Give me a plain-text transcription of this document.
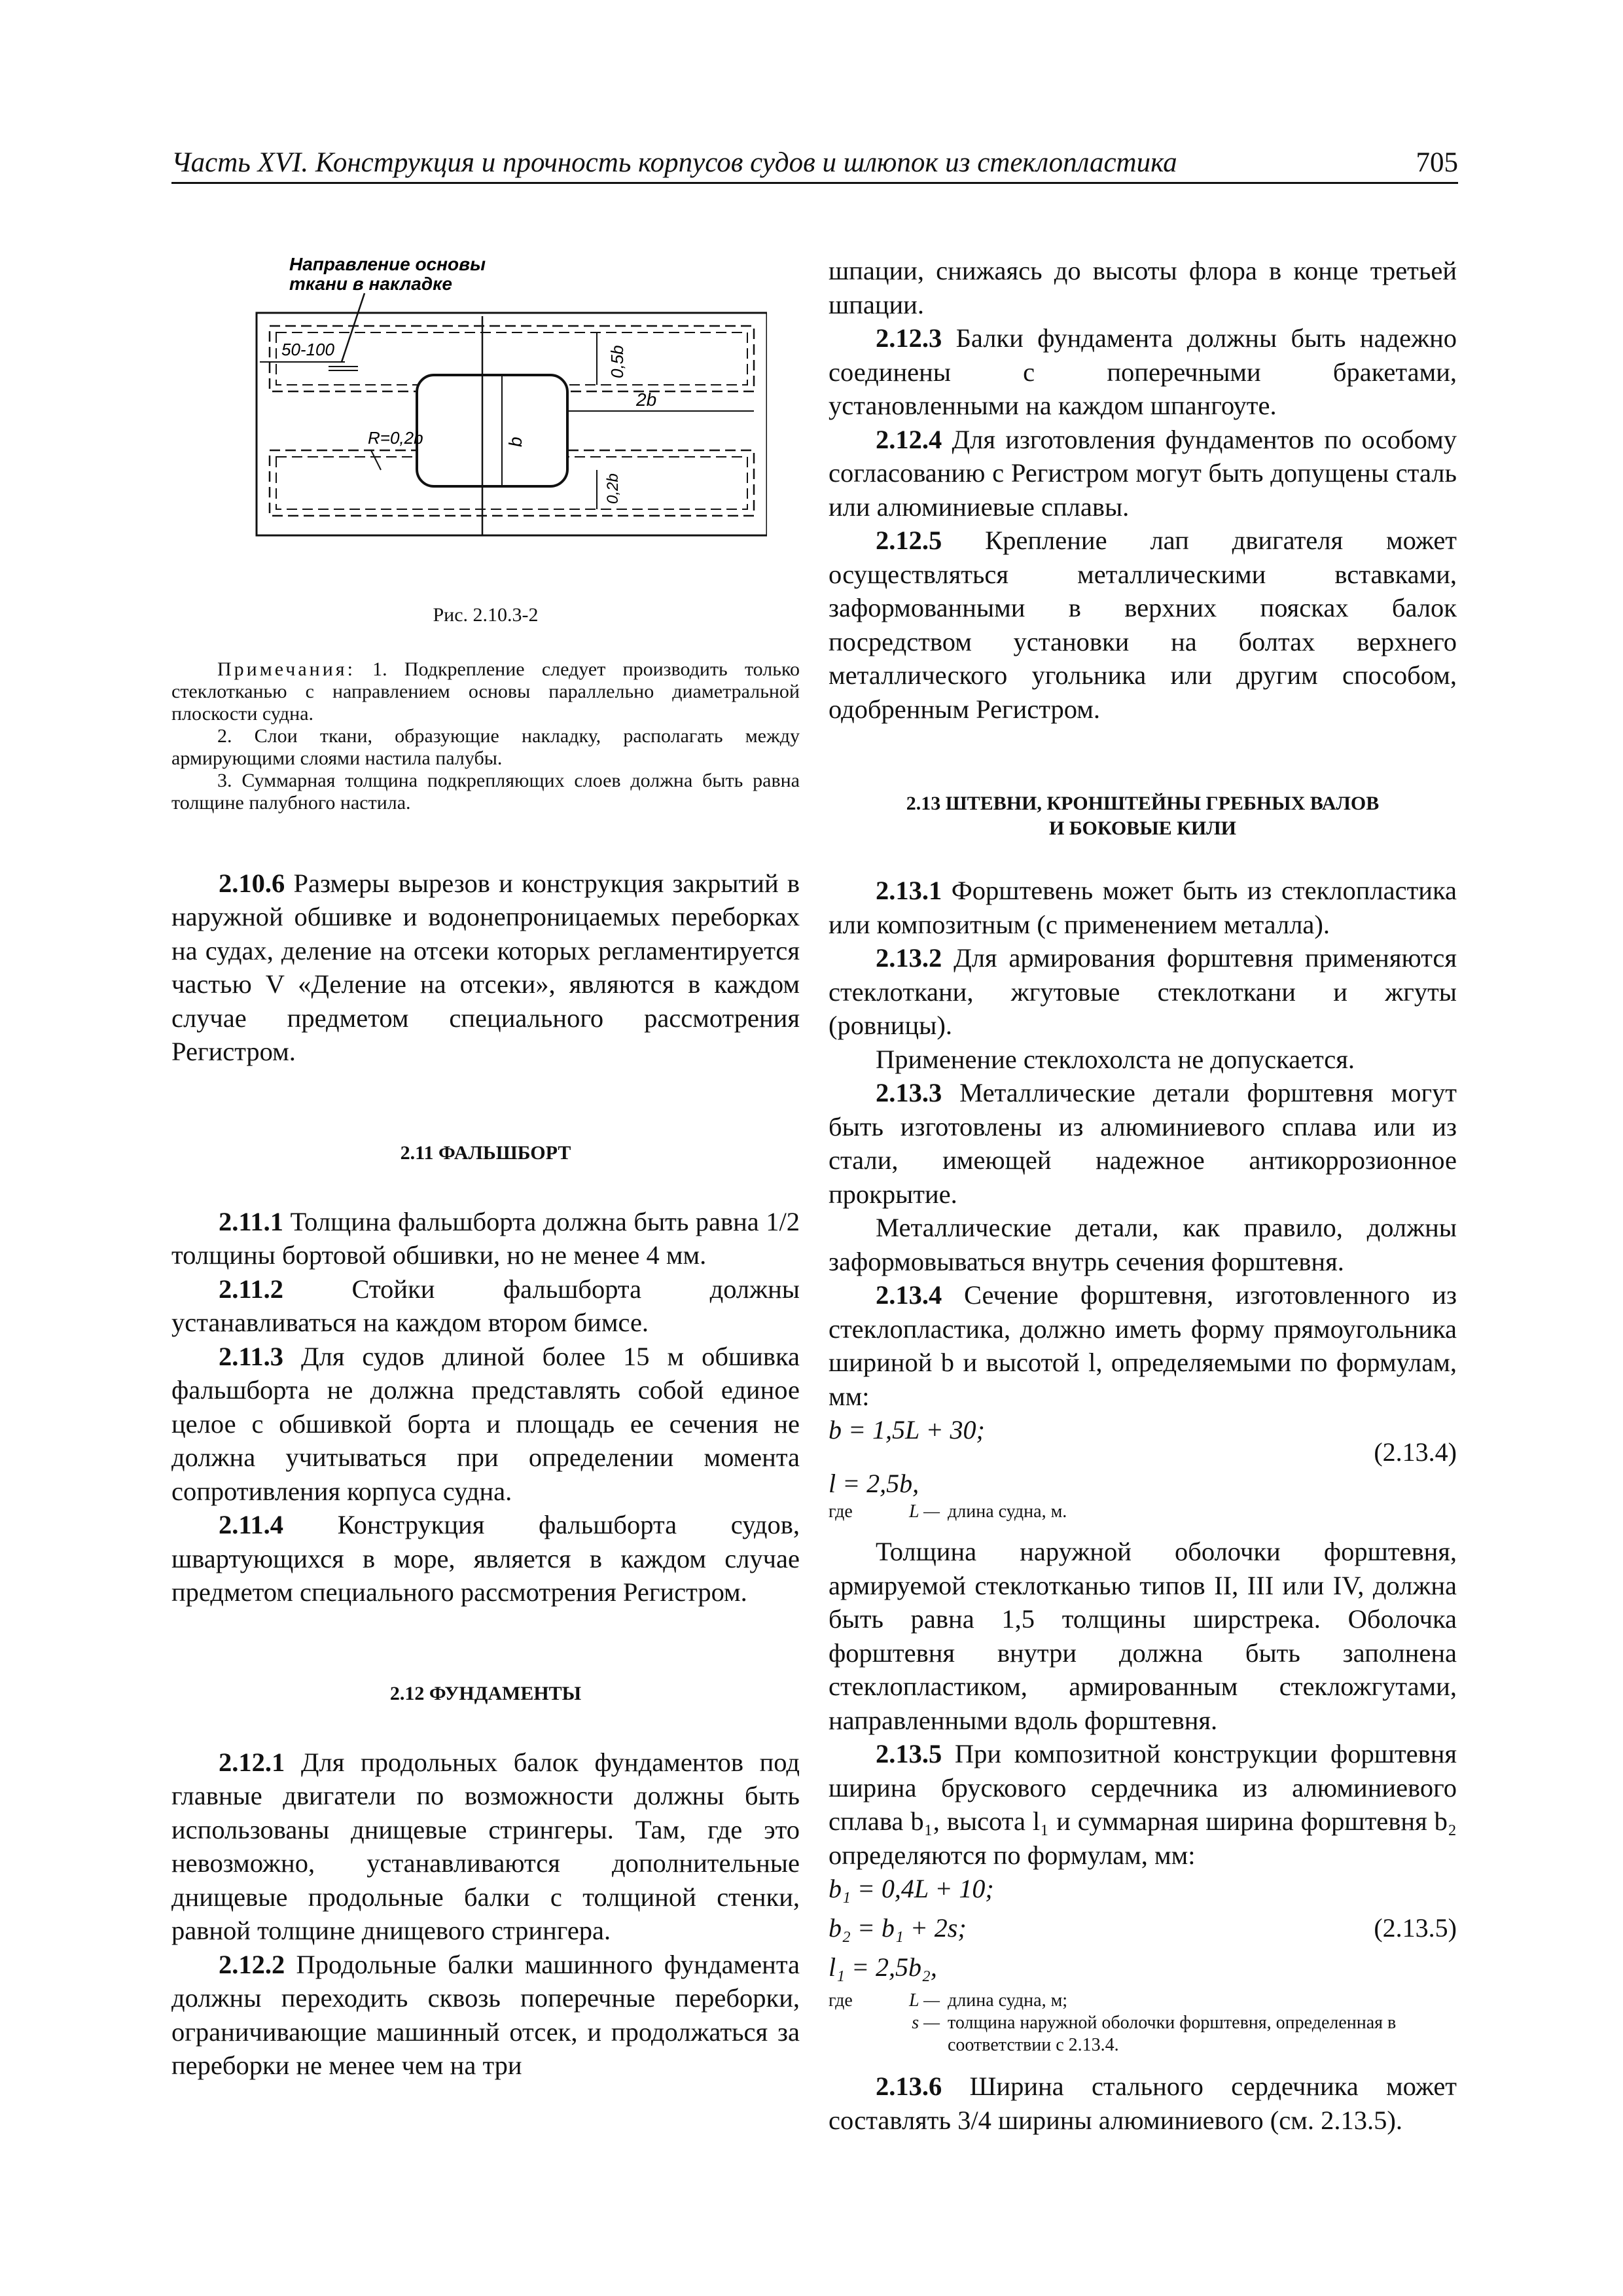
Часть XVI. Конструкция и прочность корпусов судов и шлюпок из стеклопластика	705
Направление основы
ткани в накладке
50-100
b
0,5b
2b
R=0,2b
0,2b
Рис. 2.10.3-2

Примечания: 1. Подкрепление следует производить только стеклотканью с направлением основы параллельно диаметральной плоскости судна.

2. Слои ткани, образующие накладку, располагать между армирующими слоями настила палубы.

3. Суммарная толщина подкрепляющих слоев должна быть равна толщине палубного настила.

2.10.6 Размеры вырезов и конструкция закрытий в наружной обшивке и водонепроницаемых переборках на судах, деление на отсеки которых регламентируется частью V «Деление на отсеки», являются в каждом случае предметом специального рассмотрения Регистром.

2.11 ФАЛЬШБОРТ

2.11.1 Толщина фальшборта должна быть равна 1/2 толщины бортовой обшивки, но не менее 4 мм.

2.11.2 Стойки фальшборта должны устанавливаться на каждом втором бимсе.

2.11.3 Для судов длиной более 15 м обшивка фальшборта не должна представлять собой единое целое с обшивкой борта и площадь ее сечения не должна учитываться при определении момента сопротивления корпуса судна.

2.11.4 Конструкция фальшборта судов, швартующихся в море, является в каждом случае предметом специального рассмотрения Регистром.

2.12 ФУНДАМЕНТЫ

2.12.1 Для продольных балок фундаментов под главные двигатели по возможности должны быть использованы днищевые стрингеры. Там, где это невозможно, устанавливаются дополнительные днищевые продольные балки с толщиной стенки, равной толщине днищевого стрингера.

2.12.2 Продольные балки машинного фундамента должны переходить сквозь поперечные переборки, ограничивающие машинный отсек, и продолжаться за переборки не менее чем на три

шпации, снижаясь до высоты флора в конце третьей шпации.

2.12.3 Балки фундамента должны быть надежно соединены с поперечными бракетами, установленными на каждом шпангоуте.

2.12.4 Для изготовления фундаментов по особому согласованию с Регистром могут быть допущены сталь или алюминиевые сплавы.

2.12.5 Крепление лап двигателя может осуществляться металлическими вставками, заформованными в верхних поясках балок посредством установки на болтах верхнего металлического угольника или другим способом, одобренным Регистром.

2.13 ШТЕВНИ, КРОНШТЕЙНЫ ГРЕБНЫХ ВАЛОВ
И БОКОВЫЕ КИЛИ

2.13.1 Форштевень может быть из стеклопластика или композитным (с применением металла).

2.13.2 Для армирования форштевня применяются стеклоткани, жгутовые стеклоткани и жгуты (ровницы).

Применение стеклохолста не допускается.

2.13.3 Металлические детали форштевня могут быть изготовлены из алюминиевого сплава или из стали, имеющей надежное антикоррозионное прокрытие.

Металлические детали, как правило, должны заформовываться внутрь сечения форштевня.

2.13.4 Сечение форштевня, изготовленного из стеклопластика, должно иметь форму прямоугольника шириной b и высотой l, определяемыми по формулам, мм:

b = 1,5L + 30;
(2.13.4)
l = 2,5b,
где	L — длина судна, м.

Толщина наружной оболочки форштевня, армируемой стеклотканью типов II, III или IV, должна быть равна 1,5 толщины ширстрека. Оболочка форштевня внутри должна быть заполнена стеклопластиком, армированным стекложгутами, направленными вдоль форштевня.

2.13.5 При композитной конструкции форштевня ширина брускового сердечника из алюминиевого сплава b₁, высота l₁ и суммарная ширина форштевня b₂ определяются по формулам, мм:

b₁ = 0,4L + 10;
b₂ = b₁ + 2s;	(2.13.5)
l₁ = 2,5b₂,
где	L — длина судна, м;
s — толщина наружной оболочки форштевня, определенная в соответствии с 2.13.4.

2.13.6 Ширина стального сердечника может составлять 3/4 ширины алюминиевого (см. 2.13.5).
